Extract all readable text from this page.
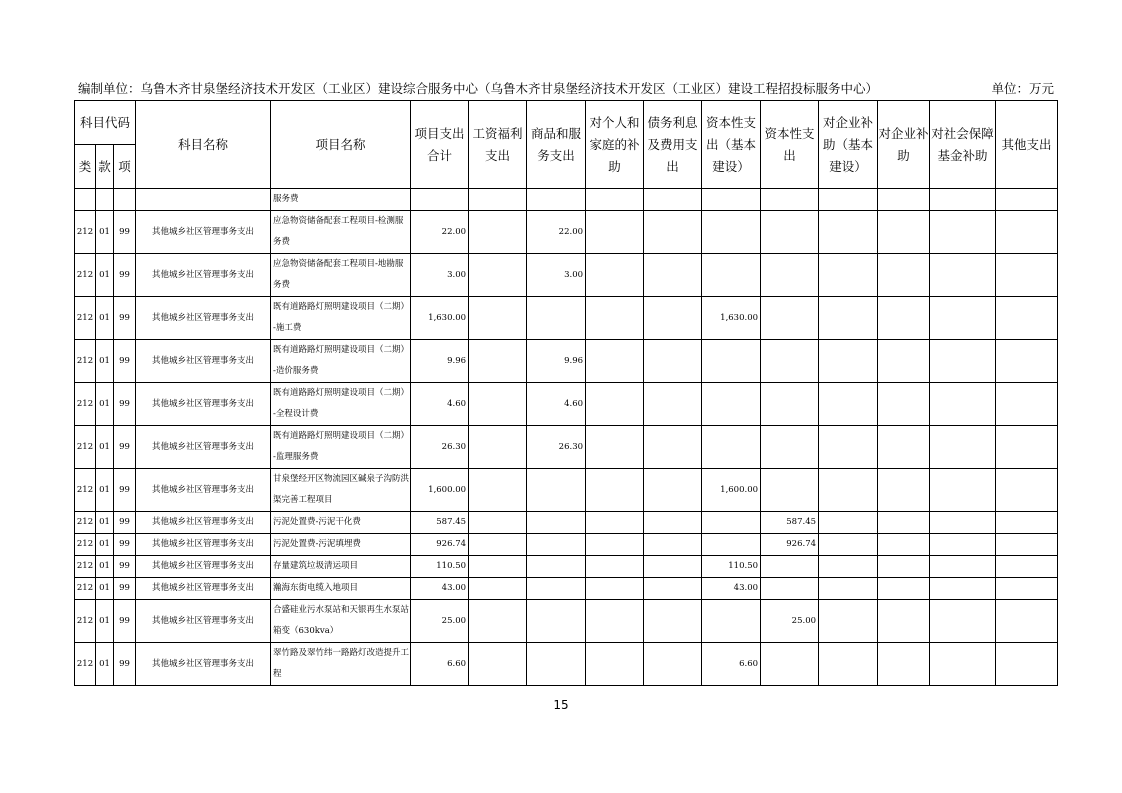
编制单位：乌鲁木齐甘泉堡经济技术开发区（工业区）建设综合服务中心（乌鲁木齐甘泉堡经济技术开发区（工业区）建设工程招投标服务中心）	单位：万元
科目代码			科目名称	项目名称	项目支出合计	工资福利支出	商品和服务支出	对个人和家庭的补助	债务利息及费用支出	资本性支出（基本建设）	资本性支出	对企业补助（基本建设）	对企业补助	对社会保障基金补助	其他支出
类	款	项													
				服务费											
212	01	99	其他城乡社区管理事务支出	应急物资储备配套工程项目-检测服务费	22.00		22.00								
212	01	99	其他城乡社区管理事务支出	应急物资储备配套工程项目-地勘服务费	3.00		3.00								
212	01	99	其他城乡社区管理事务支出	既有道路路灯照明建设项目（二期）-施工费	1,630.00					1,630.00					
212	01	99	其他城乡社区管理事务支出	既有道路路灯照明建设项目（二期）-造价服务费	9.96		9.96								
212	01	99	其他城乡社区管理事务支出	既有道路路灯照明建设项目（二期）-全程设计费	4.60		4.60								
212	01	99	其他城乡社区管理事务支出	既有道路路灯照明建设项目（二期）-监理服务费	26.30		26.30								
212	01	99	其他城乡社区管理事务支出	甘泉堡经开区物流园区碱泉子沟防洪渠完善工程项目	1,600.00					1,600.00					
212	01	99	其他城乡社区管理事务支出	污泥处置费-污泥干化费	587.45						587.45				
212	01	99	其他城乡社区管理事务支出	污泥处置费-污泥填埋费	926.74						926.74				
212	01	99	其他城乡社区管理事务支出	存量建筑垃圾清运项目	110.50					110.50					
212	01	99	其他城乡社区管理事务支出	瀚海东街电缆入地项目	43.00					43.00					
212	01	99	其他城乡社区管理事务支出	合盛硅业污水泵站和天银再生水泵站箱变（630kva）	25.00						25.00				
212	01	99	其他城乡社区管理事务支出	翠竹路及翠竹纬一路路灯改造提升工程	6.60					6.60					
15
